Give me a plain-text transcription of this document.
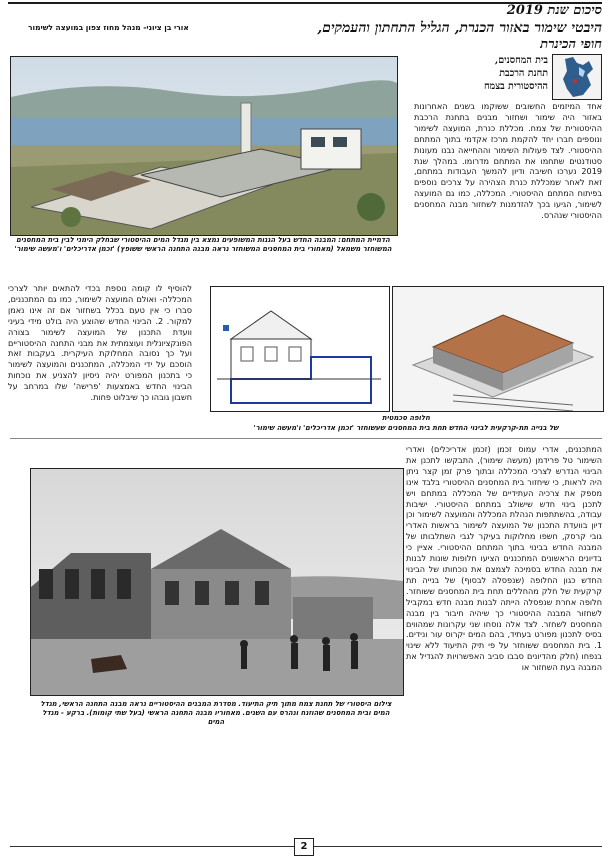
סיכום שנת 2019
היבטי שימור באזור הכנרת, הגליל התחתון והעמקים,
אורי בן ציוני- מנהל מחוז צפון במועצה לשימור
חופי הכינרת
בית המחסנים,
תחנת הרכבת
ההיסטורית בצמח

אחד המיזמים החשובים ששוקמו בשנים האחרונות באזור היה שימור ושחזור מבנים בתחנת הרכבת ההיסטורית של צמח. מכללת כנרת, המועצה לשימור ונוספים חברו יחד להקמת מרכז אקדמי בתוך המתחם ההיסטורי. לצד פעולות השימור וההחייאה נבנו מעונות סטודנטים שתחמו את המתחם מדרומו. במהלך שנת 2019 נערכו חשיבה ודיון להמשך העבודות במתחם, זאת לאחר שמכללת כנרת הצהירה על צרכים נוספים בפיתוח המתחם ההיסטורי. המכללה, כמו גם המועצה לשימור, הגיעו בכך להזדמנות לשחזור מבנה המחסנים ההיסטורי שנהרס.

הדמיית המתחם: המבנה החדש בעל הגגות המשופעים נמצא בין מגדל המים ההיסטורי שבחלק הימני לבין בית המחסנים המשוחזר משמאל (מאחורי בית המחסנים המשוחזר נראה מבנה התחנה הראשי ששופץ) 'זכמן אדריכלים' ו'מעשה שימור'

להוסיף לו קומה נוספת בכדי להתאים יותר לצרכי המכללה- ואולם המועצה לשימור, כמו גם המתכננים, סברו כי אין טעם בכלל בשחזור אם זה אינו נאמן למקור. 2. הבינוי החדש שהוצע היה בולט מידי בעיני וועדת התכנון של המועצה לשימור בצורה הפונקציונלית ועוצמתית את מבני התחנה ההיסטוריים ועל כך נסובה המחלוקת העיקרית. בעקבות זאת הוסכם על ידי המכללה, המתכננים והמועצה לשימור כי בתכנון המפורט יהיה ניסיון להצניע את נוכחות הבינוי החדש באמצעות 'פרישה' שלו במרחב על חשבון גובהו כך שיבלוט פחות.

חלופה סכמטית
של בנייה תת-קרקעית לבינוי החדש תחת בית המחסנים שעשוחזר 'זכמן אדריכלים' ו'מעשה שימור'

המתכננים, אדרי עמוס זכמן (זכמן אדריכלים) ואדרי השימור טל פרידמן (מעשה שימור), התבקשו לתכנן את הבינוי הנדרש לצרכי המכללה ובתוך פרק זמן קצר ניתן היה לראות, כי שיחזור בית המחסנים ההיסטורי בלבד אינו מספק את צרכיה העתידיים של המכללה במתחם ויש לתכנן בינוי חדש שישולב במתחם ההיסטורי. ישיבות עבודה, בהשתתפות הנהלת המכללה והמועצה לשימור וכן דיון בוועדת התכנון של המועצה לשימור בראשות האדרי גובי קרסק, חשפו מחלוקות בעיקר לגבי השתלבותו של המבנה החדש בבינוי בתוך המתחם ההיסטורי. אציין כי בדיונים הראשונים המתכננים הציעו חלופות שונות לבנות את מבנה החדש בסמיכה לצמצם את נוכחותו של הבינוי החדש כגון החלופה (שנפסלה לבסוף) של בנייה תת קרקעית של חלק מהחללים תחת בית המחסנים ששוחזר. חלופה אחרת שנפסלה הייתה לבנות מבנה חדש במקביל לשחזור המבנה ההיסטורי כך שיהיה חיבור בין מבנה המחסנים לשחזר. לצד אלה נוסחו שני עקרונות שמהווים בסיס לתכנון מפורט בעתיד, בהם המים יקרוס עור ונידים. 1. בית המחסנים ששוחזר על פי תיק התיעוד ללא שינוי בנפחו (חלק מהדיונים סבבו סביב האפשרויות להגדיל את המבנה בעת השחזור או

צילום היסטורי של תחנת צמח מתוך תיק התיעוד. מסדרת המבנים ההיסטוריים נראה מבנה התחנה הראשי, מגדל המים ובית המחסנים שהוזנח ונהרס עם השנים. מאחוריו מבנה התחנה הראשי (בעל שתי קומות). ברקע - מגדל המים
2
